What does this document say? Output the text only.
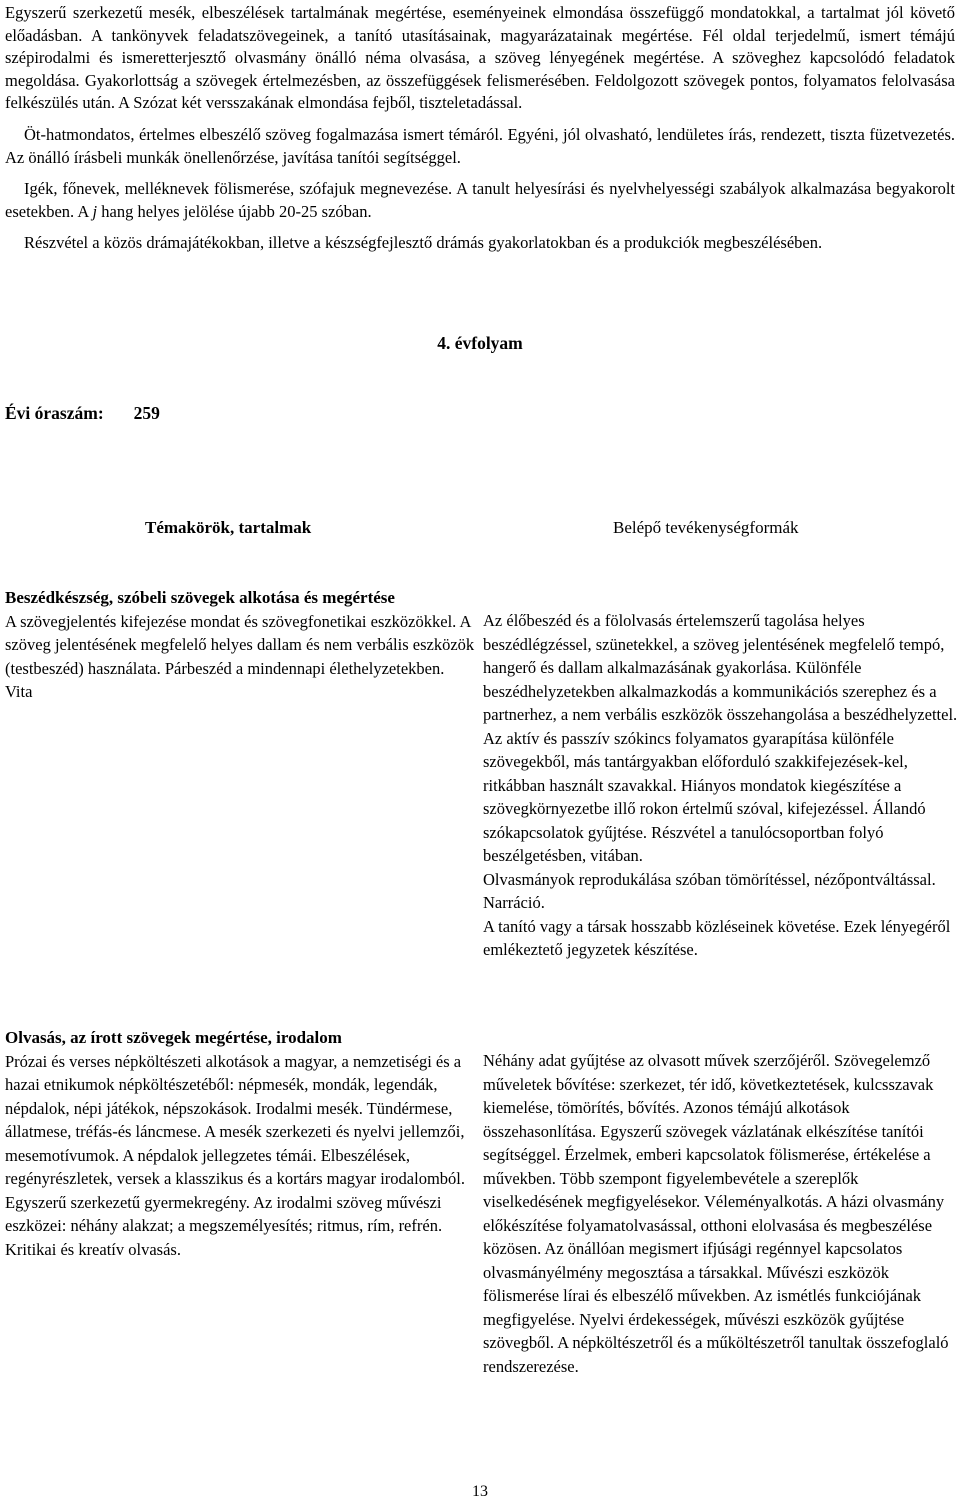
Egyszerű szerkezetű mesék, elbeszélések tartalmának megértése, eseményeinek elmondása összefüggő mondatokkal, a tartalmat jól követő előadásban. A tankönyvek feladatszövegeinek, a tanító utasításainak, magyarázatainak megértése. Fél oldal terjedelmű, ismert témájú szépirodalmi és ismeretterjesztő olvasmány önálló néma olvasása, a szöveg lényegének megértése. A szöveghez kapcsolódó feladatok megoldása. Gyakorlottság a szövegek értelmezésben, az összefüggések felismerésében. Feldolgozott szövegek pontos, folyamatos felolvasása felkészülés után. A Szózat két versszakának elmondása fejből, tiszteletadással.

Öt-hatmondatos, értelmes elbeszélő szöveg fogalmazása ismert témáról. Egyéni, jól olvasható, lendületes írás, rendezett, tiszta füzetvezetés. Az önálló írásbeli munkák önellenőrzése, javítása tanítói segítséggel.

Igék, főnevek, melléknevek fölismerése, szófajuk megnevezése. A tanult helyesírási és nyelvhelyességi szabályok alkalmazása begyakorolt esetekben. A j hang helyes jelölése újabb 20-25 szóban.

Részvétel a közös drámajátékokban, illetve a készségfejlesztő drámás gyakorlatokban és a produkciók megbeszélésében.

4. évfolyam
Évi óraszám: 259
Témakörök, tartalmak	Belépő tevékenységformák
Beszédkészség, szóbeli szövegek alkotása és megértése
A szövegjelentés kifejezése mondat és szövegfonetikai eszközökkel. A szöveg jelentésének megfelelő helyes dallam és nem verbális eszközök (testbeszéd) használata. Párbeszéd a mindennapi élethelyzetekben. Vita
Az élőbeszéd és a fölolvasás értelemszerű tagolása helyes beszédlégzéssel, szünetekkel, a szöveg jelentésének megfelelő tempó, hangerő és dallam alkalmazásának gyakorlása. Különféle beszédhelyzetekben alkalmazkodás a kommunikációs szerephez és a partnerhez, a nem verbális eszközök összehangolása a beszédhelyzettel. Az aktív és passzív szókincs folyamatos gyarapítása különféle szövegekből, más tantárgyakban előforduló szakkifejezések-kel, ritkábban használt szavakkal. Hiányos mondatok kiegészítése a szövegkörnyezetbe illő rokon értelmű szóval, kifejezéssel. Állandó szókapcsolatok gyűjtése. Részvétel a tanulócsoportban folyó beszélgetésben, vitában.
Olvasmányok reprodukálása szóban tömörítéssel, nézőpontváltással. Narráció.
A tanító vagy a társak hosszabb közléseinek követése. Ezek lényegéről emlékeztető jegyzetek készítése.
Olvasás, az írott szövegek megértése, irodalom
Prózai és verses népköltészeti alkotások a magyar, a nemzetiségi és a hazai etnikumok népköltészetéből: népmesék, mondák, legendák, népdalok, népi játékok, népszokások. Irodalmi mesék. Tündérmese, állatmese, tréfás-és láncmese. A mesék szerkezeti és nyelvi jellemzői, mesemotívumok. A népdalok jellegzetes témái. Elbeszélések, regényrészletek, versek a klasszikus és a kortárs magyar irodalomból. Egyszerű szerkezetű gyermekregény. Az irodalmi szöveg művészi eszközei: néhány alakzat; a megszemélyesítés; ritmus, rím, refrén. Kritikai és kreatív olvasás.
Néhány adat gyűjtése az olvasott művek szerzőjéről. Szövegelemző műveletek bővítése: szerkezet, tér idő, következtetések, kulcsszavak kiemelése, tömörítés, bővítés. Azonos témájú alkotások összehasonlítása. Egyszerű szövegek vázlatának elkészítése tanítói segítséggel. Érzelmek, emberi kapcsolatok fölismerése, értékelése a művekben. Több szempont figyelembevétele a szereplők viselkedésének megfigyelésekor. Véleményalkotás. A házi olvasmány előkészítése folyamatolvasással, otthoni elolvasása és megbeszélése közösen. Az önállóan megismert ifjúsági regénnyel kapcsolatos olvasmányélmény megosztása a társakkal. Művészi eszközök fölismerése lírai és elbeszélő művekben. Az ismétlés funkciójának megfigyelése. Nyelvi érdekességek, művészi eszközök gyűjtése szövegből. A népköltészetről és a műköltészetről tanultak összefoglaló rendszerezése.
13
